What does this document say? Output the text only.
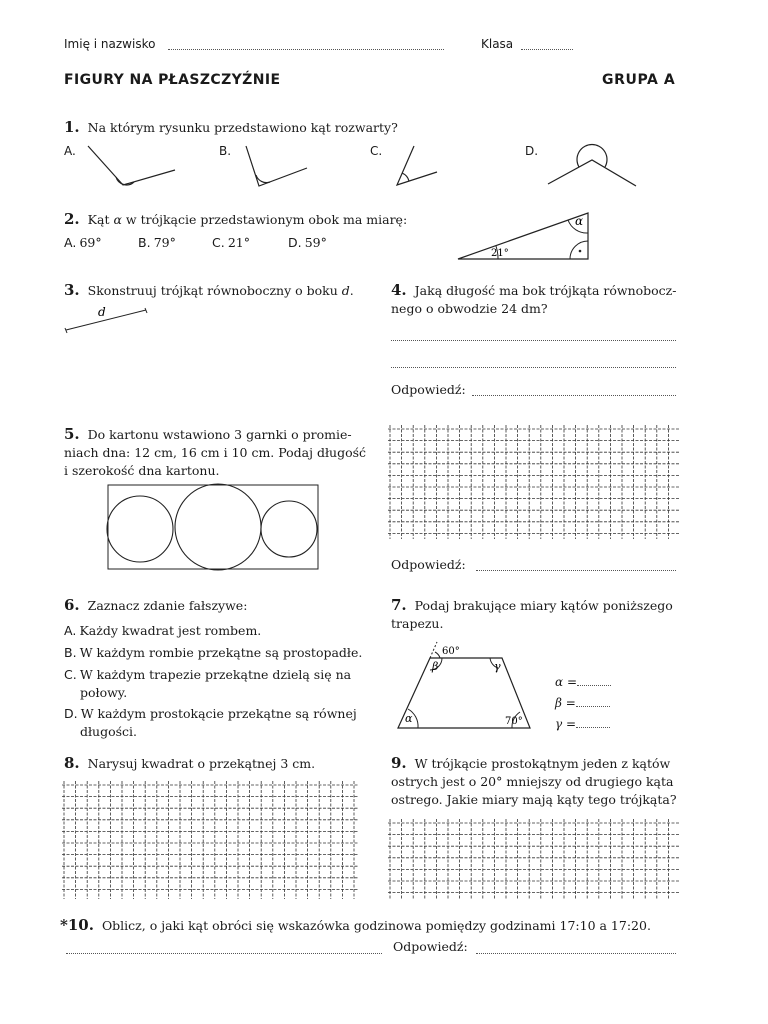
Imię i nazwisko	Klasa
FIGURY NA PŁASZCZYŹNIE	GRUPA A
1. Na którym rysunku przedstawiono kąt rozwarty?
A.	B.	C.	D.
2. Kąt α w trójkącie przedstawionym obok ma miarę:
A. 69°	B. 79°	C. 21°	D. 59°
21°
α
3. Skonstruuj trójkąt równoboczny o boku d.
d
4. Jaką długość ma bok trójkąta równobocz-
nego o obwodzie 24 dm?
Odpowiedź:
5. Do kartonu wstawiono 3 garnki o promie-
niach dna: 12 cm, 16 cm i 10 cm. Podaj długość
i szerokość dna kartonu.
Odpowiedź:
6. Zaznacz zdanie fałszywe:
A. Każdy kwadrat jest rombem.
B. W każdym rombie przekątne są prostopadłe.
C. W każdym trapezie przekątne dzielą się na
połowy.
D. W każdym prostokącie przekątne są równej
długości.
7. Podaj brakujące miary kątów poniższego
trapezu.
60°
β	γ
α	70°
α =
β =
γ =
8. Narysuj kwadrat o przekątnej 3 cm.	9. W trójkącie prostokątnym jeden z kątów
ostrych jest o 20° mniejszy od drugiego kąta
ostrego. Jakie miary mają kąty tego trójkąta?
*10. Oblicz, o jaki kąt obróci się wskazówka godzinowa pomiędzy godzinami 17:10 a 17:20.
Odpowiedź:
